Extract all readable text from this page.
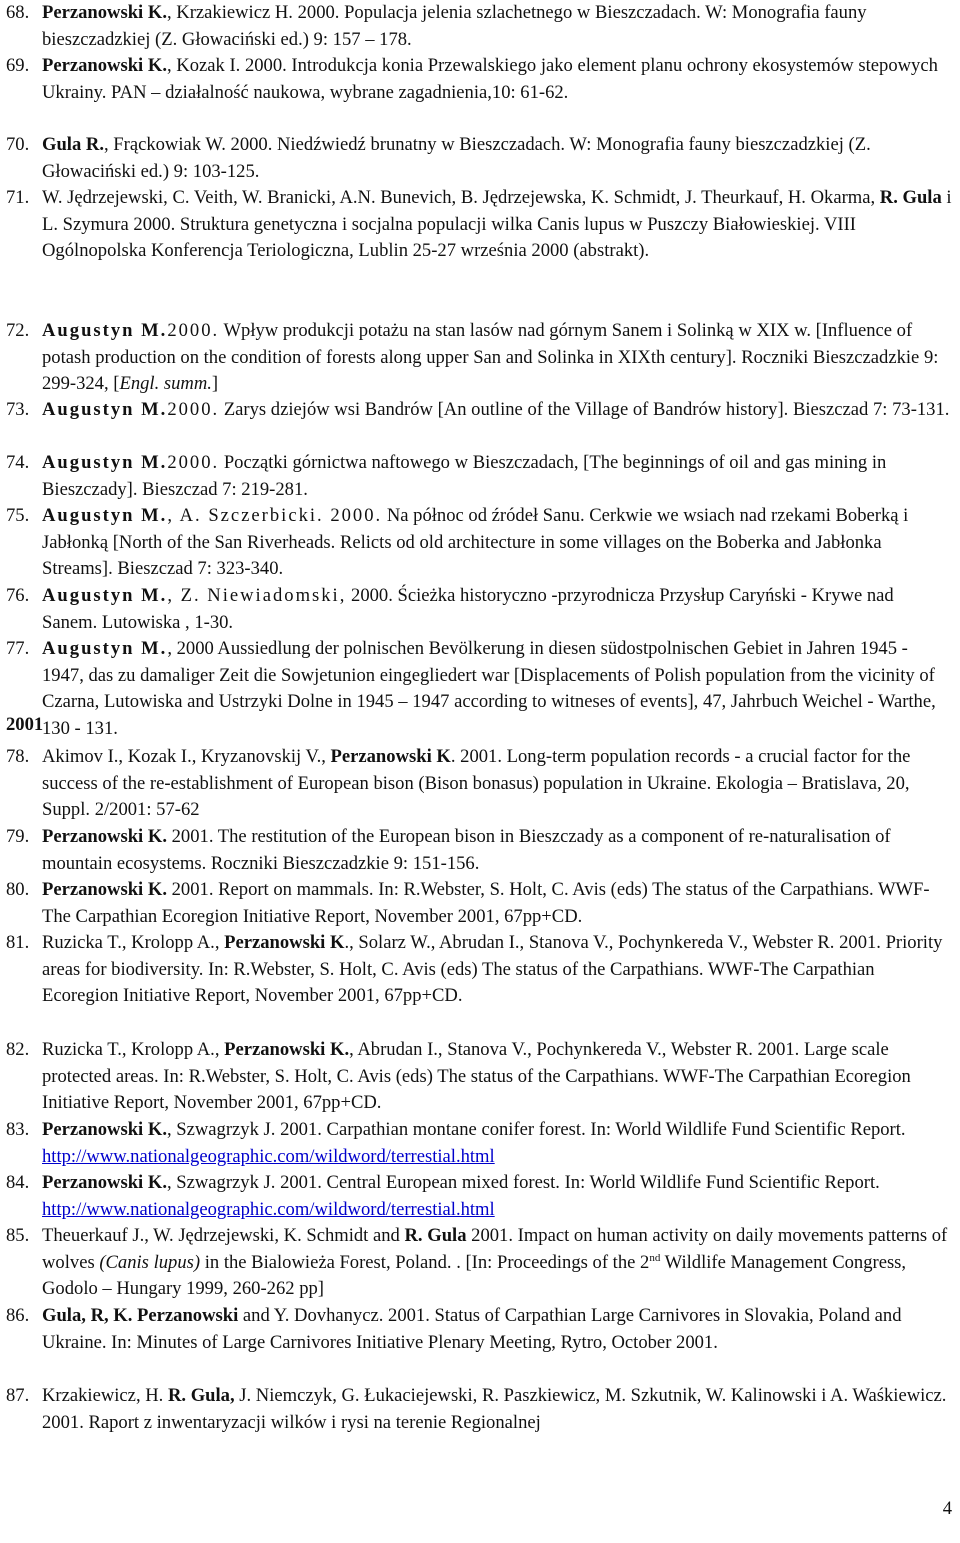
68. Perzanowski K., Krzakiewicz H. 2000. Populacja jelenia szlachetnego w Bieszczadach. W: Monografia fauny bieszczadzkiej (Z. Głowaciński ed.) 9: 157 – 178.
69. Perzanowski K., Kozak I. 2000. Introdukcja konia Przewalskiego jako element planu ochrony ekosystemów stepowych Ukrainy. PAN – działalność naukowa, wybrane zagadnienia,10: 61-62.
70. Gula R., Frąckowiak W. 2000. Niedźwiedź brunatny w Bieszczadach. W: Monografia fauny bieszczadzkiej (Z. Głowaciński ed.) 9: 103-125.
71. W. Jędrzejewski, C. Veith, W. Branicki, A.N. Bunevich, B. Jędrzejewska, K. Schmidt, J. Theurkauf, H. Okarma, R. Gula i L. Szymura 2000. Struktura genetyczna i socjalna populacji wilka Canis lupus w Puszczy Białowieskiej. VIII Ogólnopolska Konferencja Teriologiczna, Lublin 25-27 września 2000 (abstrakt).
72. Augustyn M.2000. Wpływ produkcji potażu na stan lasów nad górnym Sanem i Solinką w XIX w. [Influence of potash production on the condition of forests along upper San and Solinka in XIXth century]. Roczniki Bieszczadzkie 9: 299-324, [Engl. summ.]
73. Augustyn M.2000. Zarys dziejów wsi Bandrów [An outline of the Village of Bandrów history]. Bieszczad 7: 73-131.
74. Augustyn M.2000. Początki górnictwa naftowego w Bieszczadach, [The beginnings of oil and gas mining in Bieszczady]. Bieszczad 7: 219-281.
75. Augustyn M., A. Szczerbicki. 2000. Na północ od źródeł Sanu. Cerkwie we wsiach nad rzekami Boberką i Jabłonką [North of the San Riverheads. Relicts od old architecture in some villages on the Boberka and Jabłonka Streams]. Bieszczad 7: 323-340.
76. Augustyn M., Z. Niewiadomski, 2000. Ścieżka historyczno -przyrodnicza Przysłup Caryński - Krywe nad Sanem. Lutowiska , 1-30.
77. Augustyn M., 2000 Aussiedlung der polnischen Bevölkerung in diesen südostpolnischen Gebiet in Jahren 1945 - 1947, das zu damaliger Zeit die Sowjetunion eingegliedert war [Displacements of Polish population from the vicinity of Czarna, Lutowiska and Ustrzyki Dolne in 1945 – 1947 according to witneses of events], 47, Jahrbuch Weichel - Warthe, 130 - 131.
2001
78. Akimov I., Kozak I., Kryzanovskij V., Perzanowski K. 2001. Long-term population records - a crucial factor for the success of the re-establishment of European bison (Bison bonasus) population in Ukraine. Ekologia – Bratislava, 20, Suppl. 2/2001: 57-62
79. Perzanowski K. 2001. The restitution of the European bison in Bieszczady as a component of re-naturalisation of mountain ecosystems. Roczniki Bieszczadzkie 9: 151-156.
80. Perzanowski K. 2001. Report on mammals. In: R.Webster, S. Holt, C. Avis (eds) The status of the Carpathians. WWF-The Carpathian Ecoregion Initiative Report, November 2001, 67pp+CD.
81. Ruzicka T., Krolopp A., Perzanowski K., Solarz W., Abrudan I., Stanova V., Pochynkereda V., Webster R. 2001. Priority areas for biodiversity. In: R.Webster, S. Holt, C. Avis (eds) The status of the Carpathians. WWF-The Carpathian Ecoregion Initiative Report, November 2001, 67pp+CD.
82. Ruzicka T., Krolopp A., Perzanowski K., Abrudan I., Stanova V., Pochynkereda V., Webster R. 2001. Large scale protected areas. In: R.Webster, S. Holt, C. Avis (eds) The status of the Carpathians. WWF-The Carpathian Ecoregion Initiative Report, November 2001, 67pp+CD.
83. Perzanowski K., Szwagrzyk J. 2001. Carpathian montane conifer forest. In: World Wildlife Fund Scientific Report. http://www.nationalgeographic.com/wildword/terrestial.html
84. Perzanowski K., Szwagrzyk J. 2001. Central European mixed forest. In: World Wildlife Fund Scientific Report. http://www.nationalgeographic.com/wildword/terrestial.html
85. Theuerkauf J., W. Jędrzejewski, K. Schmidt and R. Gula 2001. Impact on human activity on daily movements patterns of wolves (Canis lupus) in the Bialowieża Forest, Poland. . [In: Proceedings of the 2nd Wildlife Management Congress, Godolo – Hungary 1999, 260-262 pp]
86. Gula, R, K. Perzanowski and Y. Dovhanycz. 2001. Status of Carpathian Large Carnivores in Slovakia, Poland and Ukraine. In: Minutes of Large Carnivores Initiative Plenary Meeting, Rytro, October 2001.
87. Krzakiewicz, H. R. Gula, J. Niemczyk, G. Łukaciejewski, R. Paszkiewicz, M. Szkutnik, W. Kalinowski i A. Waśkiewicz. 2001. Raport z inwentaryzacji wilków i rysi na terenie Regionalnej
4
